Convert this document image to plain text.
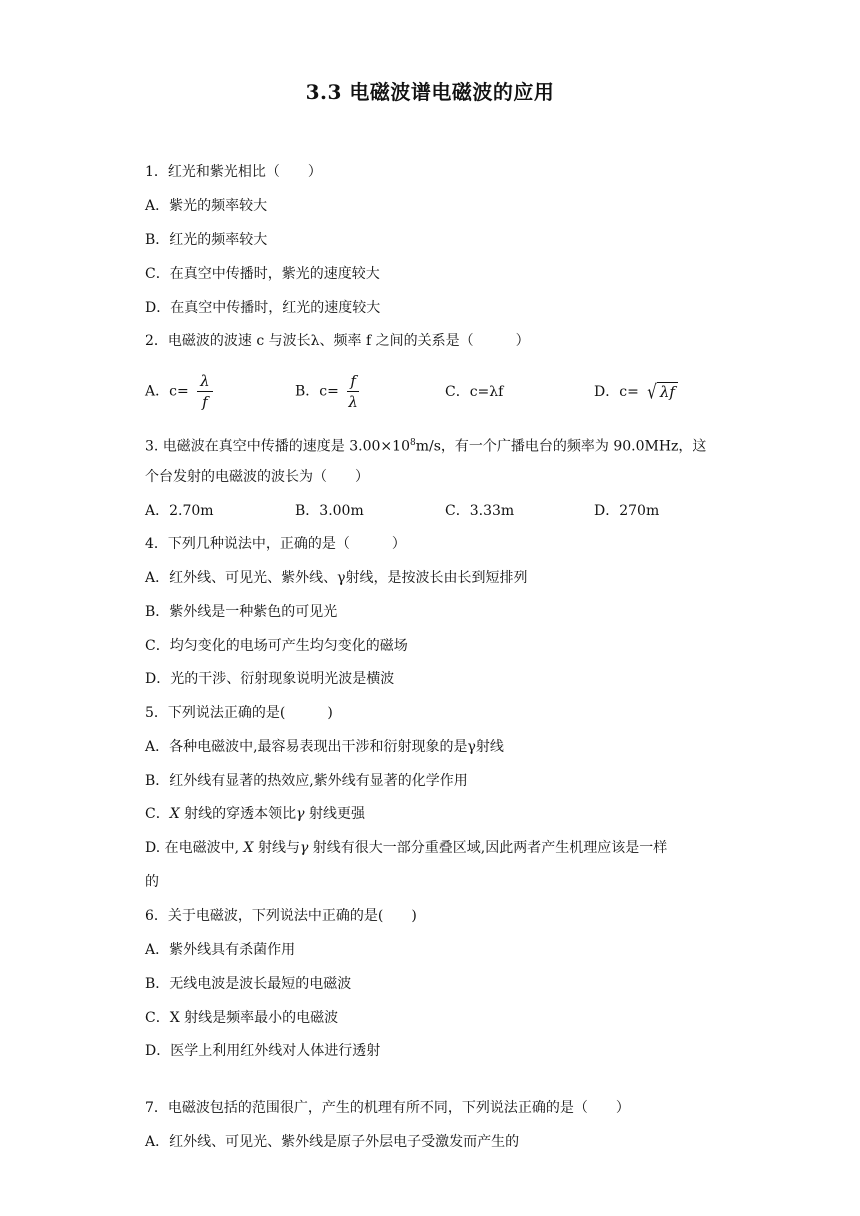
3.3 电磁波谱电磁波的应用
1．红光和紫光相比（　　）
A．紫光的频率较大
B．红光的频率较大
C．在真空中传播时，紫光的速度较大
D．在真空中传播时，红光的速度较大
2．电磁波的波速 c 与波长λ、频率 f 之间的关系是（　　　）
A．$c= \frac{\lambda}{f}$	B．$c= \frac{f}{\lambda}$	C．c=λf	D．c= √ λf
3. 电磁波在真空中传播的速度是 $3.00\times 10^8m/s$，有一个广播电台的频率为 90.0MHz，这
个台发射的电磁波的波长为（　　）
A．2.70m	B．3.00m	C．3.33m	D．270m
4．下列几种说法中，正确的是（　　　）
A．红外线、可见光、紫外线、γ射线，是按波长由长到短排列
B．紫外线是一种紫色的可见光
C．均匀变化的电场可产生均匀变化的磁场
D．光的干涉、衍射现象说明光波是横波
5．下列说法正确的是(　　　)
A．各种电磁波中,最容易表现出干涉和衍射现象的是γ射线
B．红外线有显著的热效应,紫外线有显著的化学作用
C．X 射线的穿透本领比γ 射线更强
D. 在电磁波中, X 射线与γ 射线有很大一部分重叠区域,因此两者产生机理应该是一样
的
6．关于电磁波，下列说法中正确的是(　　)
A．紫外线具有杀菌作用
B．无线电波是波长最短的电磁波
C．X 射线是频率最小的电磁波
D．医学上利用红外线对人体进行透射
7．电磁波包括的范围很广，产生的机理有所不同，下列说法正确的是（　　）
A．红外线、可见光、紫外线是原子外层电子受激发而产生的
